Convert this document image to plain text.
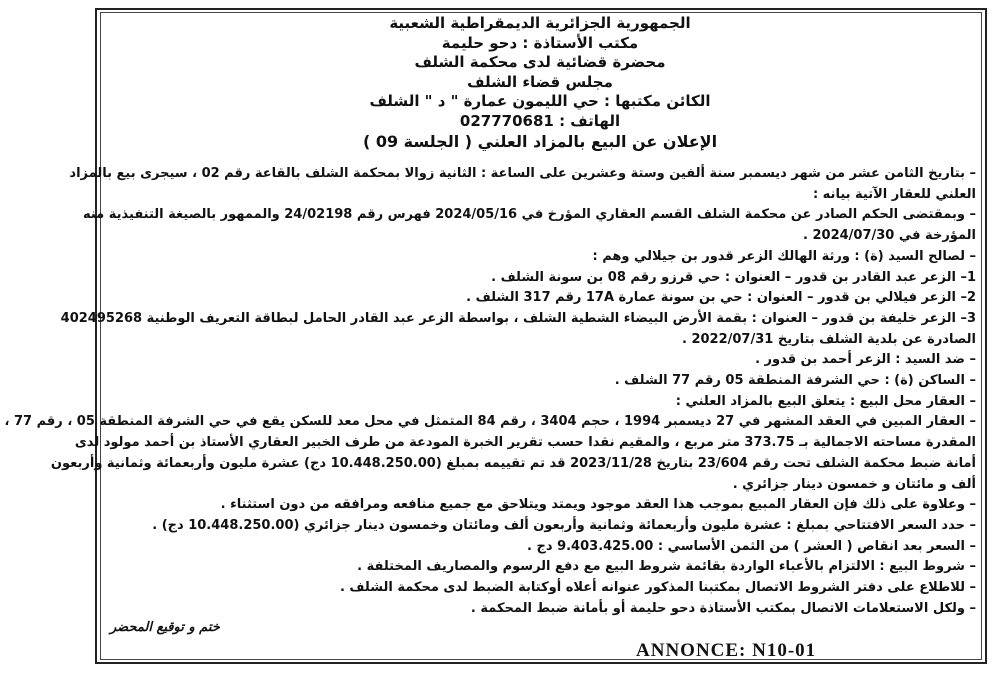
الجمهورية الجزائرية الديمقراطية الشعبية
مكتب الأستاذة : دحو حليمة
محضرة قضائية لدى محكمة الشلف
مجلس قضاء الشلف
الكائن مكتبها : حي الليمون عمارة " د " الشلف
الهاتف : 027770681
الإعلان عن البيع بالمزاد العلني ( الجلسة 09 )

– بتاريخ الثامن عشر من شهر ديسمبر سنة ألفين وستة وعشرين على الساعة : الثانية زوالا بمحكمة الشلف بالقاعة رقم 02 ، سيجرى بيع بالمزاد

العلني للعقار الآتية بيانه :

– وبمقتضى الحكم الصادر عن محكمة الشلف القسم العقاري المؤرخ في 2024/05/16 فهرس رقم 24/02198 والممهور بالصيغة التنفيذية منه

المؤرخة في 2024/07/30 .

– لصالح السيد (ة) : ورثة الهالك الزعر قدور بن جيلالي وهم :

1– الزعر عبد القادر بن قدور – العنوان : حي قرزو رقم 08 بن سونة الشلف .

2– الزعر فيلالي بن قدور – العنوان : حي بن سونة عمارة 17A رقم 317 الشلف .

3– الزعر خليفة بن قدور – العنوان : بقمة الأرض البيضاء الشطية الشلف ، بواسطة الزعر عبد القادر الحامل لبطاقة التعريف الوطنية 402495268

الصادرة عن بلدية الشلف بتاريخ 2022/07/31 .

– ضد السيد : الزعر أحمد بن قدور .

– الساكن (ة) : حي الشرفة المنطقة 05 رقم 77 الشلف .

– العقار محل البيع : يتعلق البيع بالمزاد العلني :

– العقار المبين في العقد المشهر في 27 ديسمبر 1994 ، حجم 3404 ، رقم 84 المتمثل في محل معد للسكن يقع في حي الشرفة المنطقة 05 ، رقم 77 ،

المقدرة مساحته الاجمالية بـ 373.75 متر مربع ، والمقيم نقدا حسب تقرير الخبرة المودعة من طرف الخبير العقاري الأستاذ بن أحمد مولود لدى

أمانة ضبط محكمة الشلف تحت رقم 23/604 بتاريخ 2023/11/28 قد تم تقييمه بمبلغ (10.448.250.00 دج) عشرة مليون وأربعمائة وثمانية وأربعون

ألف و مائتان و خمسون دينار جزائري .

– وعلاوة على ذلك فإن العقار المبيع بموجب هذا العقد موجود ويمتد ويتلاحق مع جميع منافعه ومرافقه من دون استثناء .

– حدد السعر الافتتاحي بمبلغ : عشرة مليون وأربعمائة وثمانية وأربعون ألف ومائتان وخمسون دينار جزائري (10.448.250.00 دج) .

– السعر بعد انقاص ( العشر ) من الثمن الأساسي : 9.403.425.00 دج .

– شروط البيع : الالتزام بالأعباء الواردة بقائمة شروط البيع مع دفع الرسوم والمصاريف المختلفة .

– للاطلاع على دفتر الشروط الاتصال بمكتبنا المذكور عنوانه أعلاه أوكتابة الضبط لدى محكمة الشلف .

– ولكل الاستعلامات الاتصال بمكتب الأستاذة دحو حليمة أو بأمانة ضبط المحكمة .

ختم و توقيع المحضر
ANNONCE: N10-01
